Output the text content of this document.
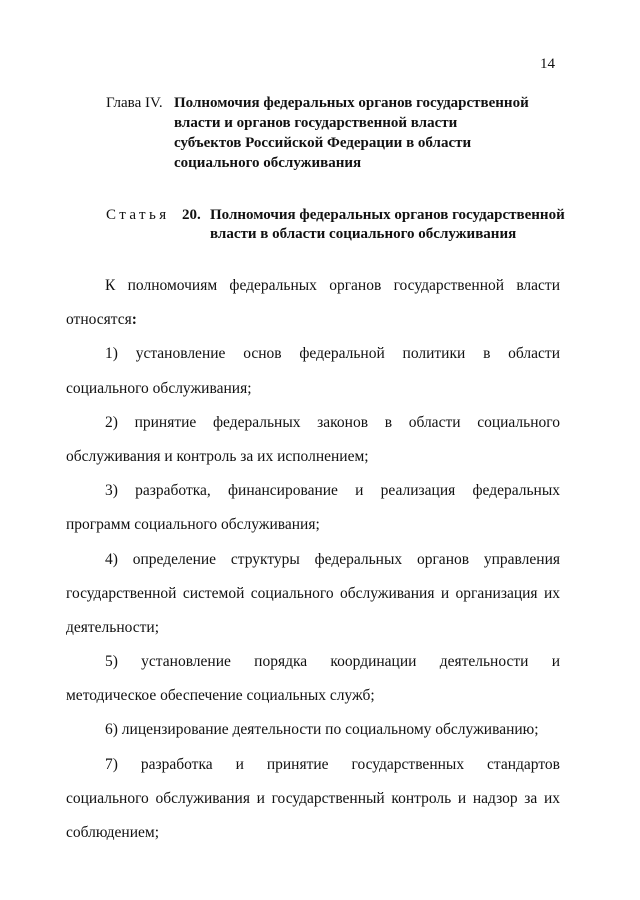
14
Глава IV. Полномочия федеральных органов государственной
власти и органов государственной власти
субъектов Российской Федерации в области
социального обслуживания
Статья 20. Полномочия федеральных органов государственной
власти в области социального обслуживания
К полномочиям федеральных органов государственной власти
относятся:
1) установление основ федеральной политики в области
социального обслуживания;
2) принятие федеральных законов в области социального
обслуживания и контроль за их исполнением;
3) разработка, финансирование и реализация федеральных
программ социального обслуживания;
4) определение структуры федеральных органов управления
государственной системой социального обслуживания и организация их
деятельности;
5) установление порядка координации деятельности и
методическое обеспечение социальных служб;
6) лицензирование деятельности по социальному обслуживанию;
7) разработка и принятие государственных стандартов
социального обслуживания и государственный контроль и надзор за их
соблюдением;
